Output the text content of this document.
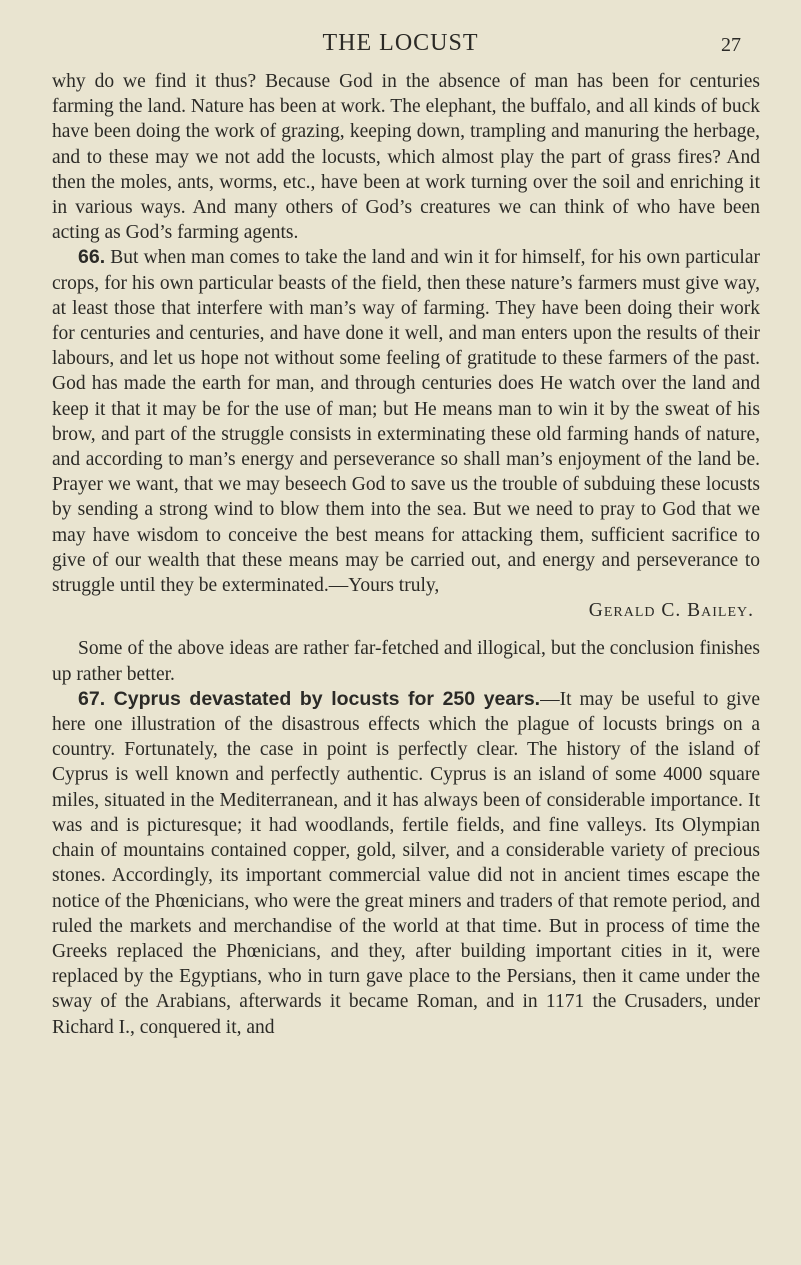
THE LOCUST	27

why do we find it thus? Because God in the absence of man has been for centuries farming the land. Nature has been at work. The elephant, the buffalo, and all kinds of buck have been doing the work of grazing, keeping down, trampling and manuring the herbage, and to these may we not add the locusts, which almost play the part of grass fires? And then the moles, ants, worms, etc., have been at work turning over the soil and enriching it in various ways. And many others of God’s creatures we can think of who have been acting as God’s farming agents.

66. But when man comes to take the land and win it for himself, for his own particular crops, for his own particular beasts of the field, then these nature’s farmers must give way, at least those that interfere with man’s way of farming. They have been doing their work for centuries and centuries, and have done it well, and man enters upon the results of their labours, and let us hope not without some feeling of gratitude to these farmers of the past. God has made the earth for man, and through centuries does He watch over the land and keep it that it may be for the use of man; but He means man to win it by the sweat of his brow, and part of the struggle consists in exterminating these old farming hands of nature, and according to man’s energy and perseverance so shall man’s enjoyment of the land be. Prayer we want, that we may beseech God to save us the trouble of subduing these locusts by sending a strong wind to blow them into the sea. But we need to pray to God that we may have wisdom to conceive the best means for attacking them, sufficient sacrifice to give of our wealth that these means may be carried out, and energy and perseverance to struggle until they be exterminated.—Yours truly,

Gerald C. Bailey.

Some of the above ideas are rather far-fetched and illogical, but the conclusion finishes up rather better.

67. Cyprus devastated by locusts for 250 years.—It may be useful to give here one illustration of the disastrous effects which the plague of locusts brings on a country. Fortunately, the case in point is perfectly clear. The history of the island of Cyprus is well known and perfectly authentic. Cyprus is an island of some 4000 square miles, situated in the Mediterranean, and it has always been of considerable importance. It was and is picturesque; it had woodlands, fertile fields, and fine valleys. Its Olympian chain of mountains contained copper, gold, silver, and a considerable variety of precious stones. Accordingly, its important commercial value did not in ancient times escape the notice of the Phœnicians, who were the great miners and traders of that remote period, and ruled the markets and merchandise of the world at that time. But in process of time the Greeks replaced the Phœnicians, and they, after building important cities in it, were replaced by the Egyptians, who in turn gave place to the Persians, then it came under the sway of the Arabians, afterwards it became Roman, and in 1171 the Crusaders, under Richard I., conquered it, and
